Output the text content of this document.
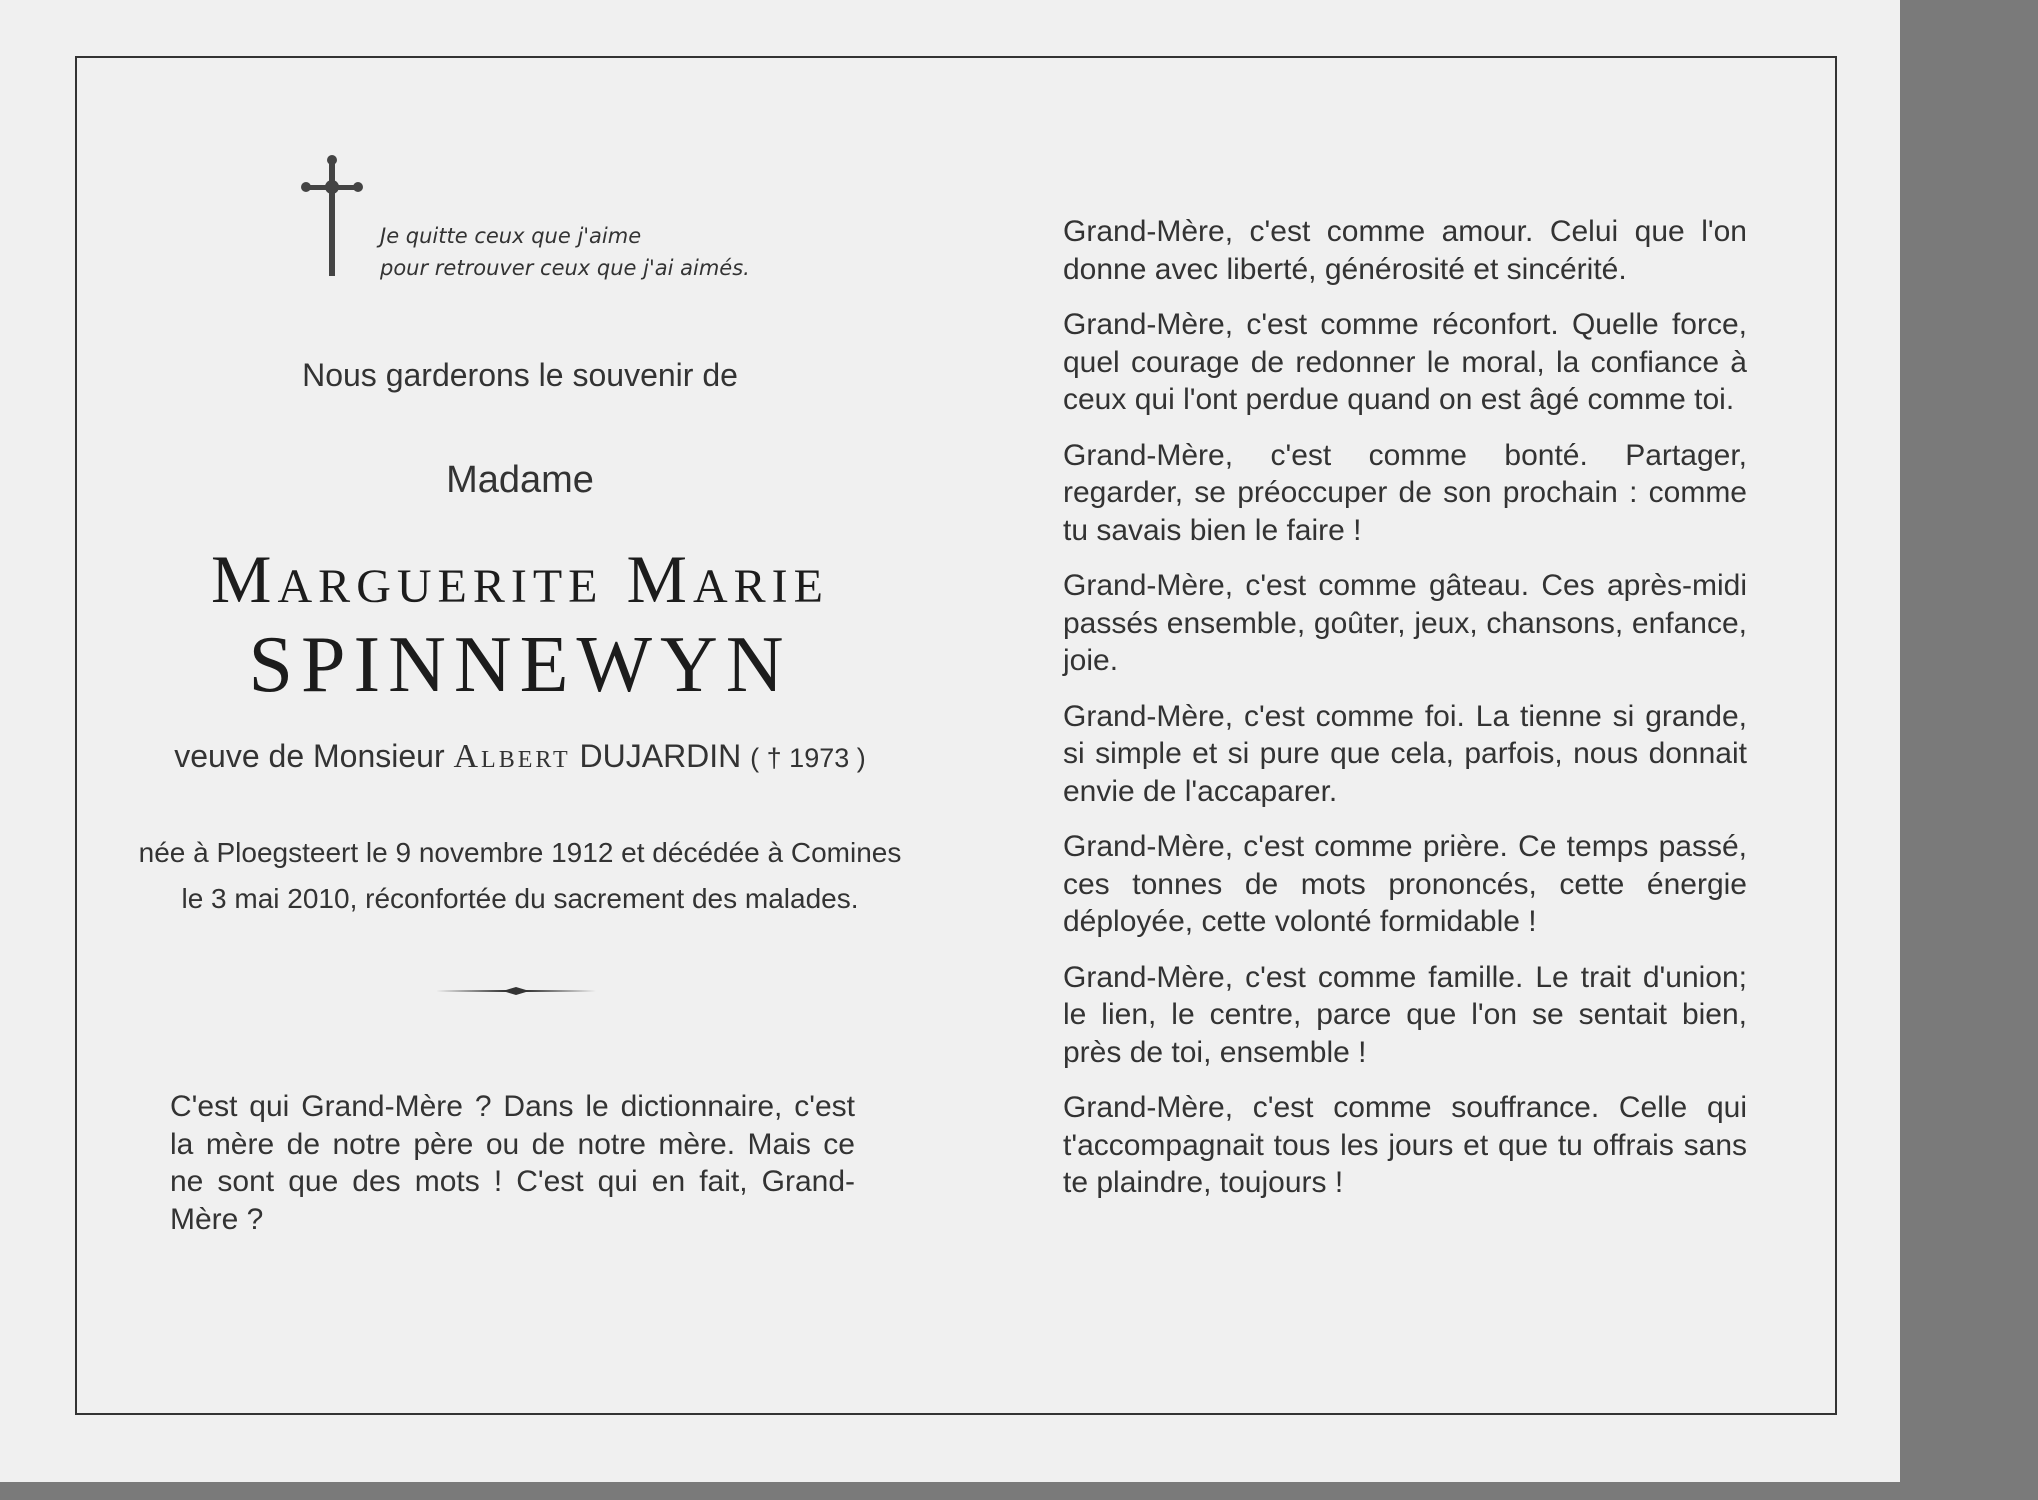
Je quitte ceux que j'aime
pour retrouver ceux que j'ai aimés.
Nous garderons le souvenir de
Madame
Marguerite Marie
SPINNEWYN
veuve de Monsieur Albert DUJARDIN ( † 1973 )
née à Ploegsteert le 9 novembre 1912 et décédée à Comines
le 3 mai 2010, réconfortée du sacrement des malades.
C'est qui Grand-Mère ? Dans le dictionnaire, c'est la mère de notre père ou de notre mère. Mais ce ne sont que des mots ! C'est qui en fait, Grand-Mère ?

Grand-Mère, c'est comme amour. Celui que l'on donne avec liberté, générosité et sincérité.

Grand-Mère, c'est comme réconfort. Quelle force, quel courage de redonner le moral, la confiance à ceux qui l'ont perdue quand on est âgé comme toi.

Grand-Mère, c'est comme bonté. Partager, regarder, se préoccuper de son prochain : comme tu savais bien le faire !

Grand-Mère, c'est comme gâteau. Ces après-midi passés ensemble, goûter, jeux, chansons, enfance, joie.

Grand-Mère, c'est comme foi. La tienne si grande, si simple et si pure que cela, parfois, nous donnait envie de l'accaparer.

Grand-Mère, c'est comme prière. Ce temps passé, ces tonnes de mots prononcés, cette énergie déployée, cette volonté formidable !

Grand-Mère, c'est comme famille. Le trait d'union; le lien, le centre, parce que l'on se sentait bien, près de toi, ensemble !

Grand-Mère, c'est comme souffrance. Celle qui t'accompagnait tous les jours et que tu offrais sans te plaindre, toujours !
